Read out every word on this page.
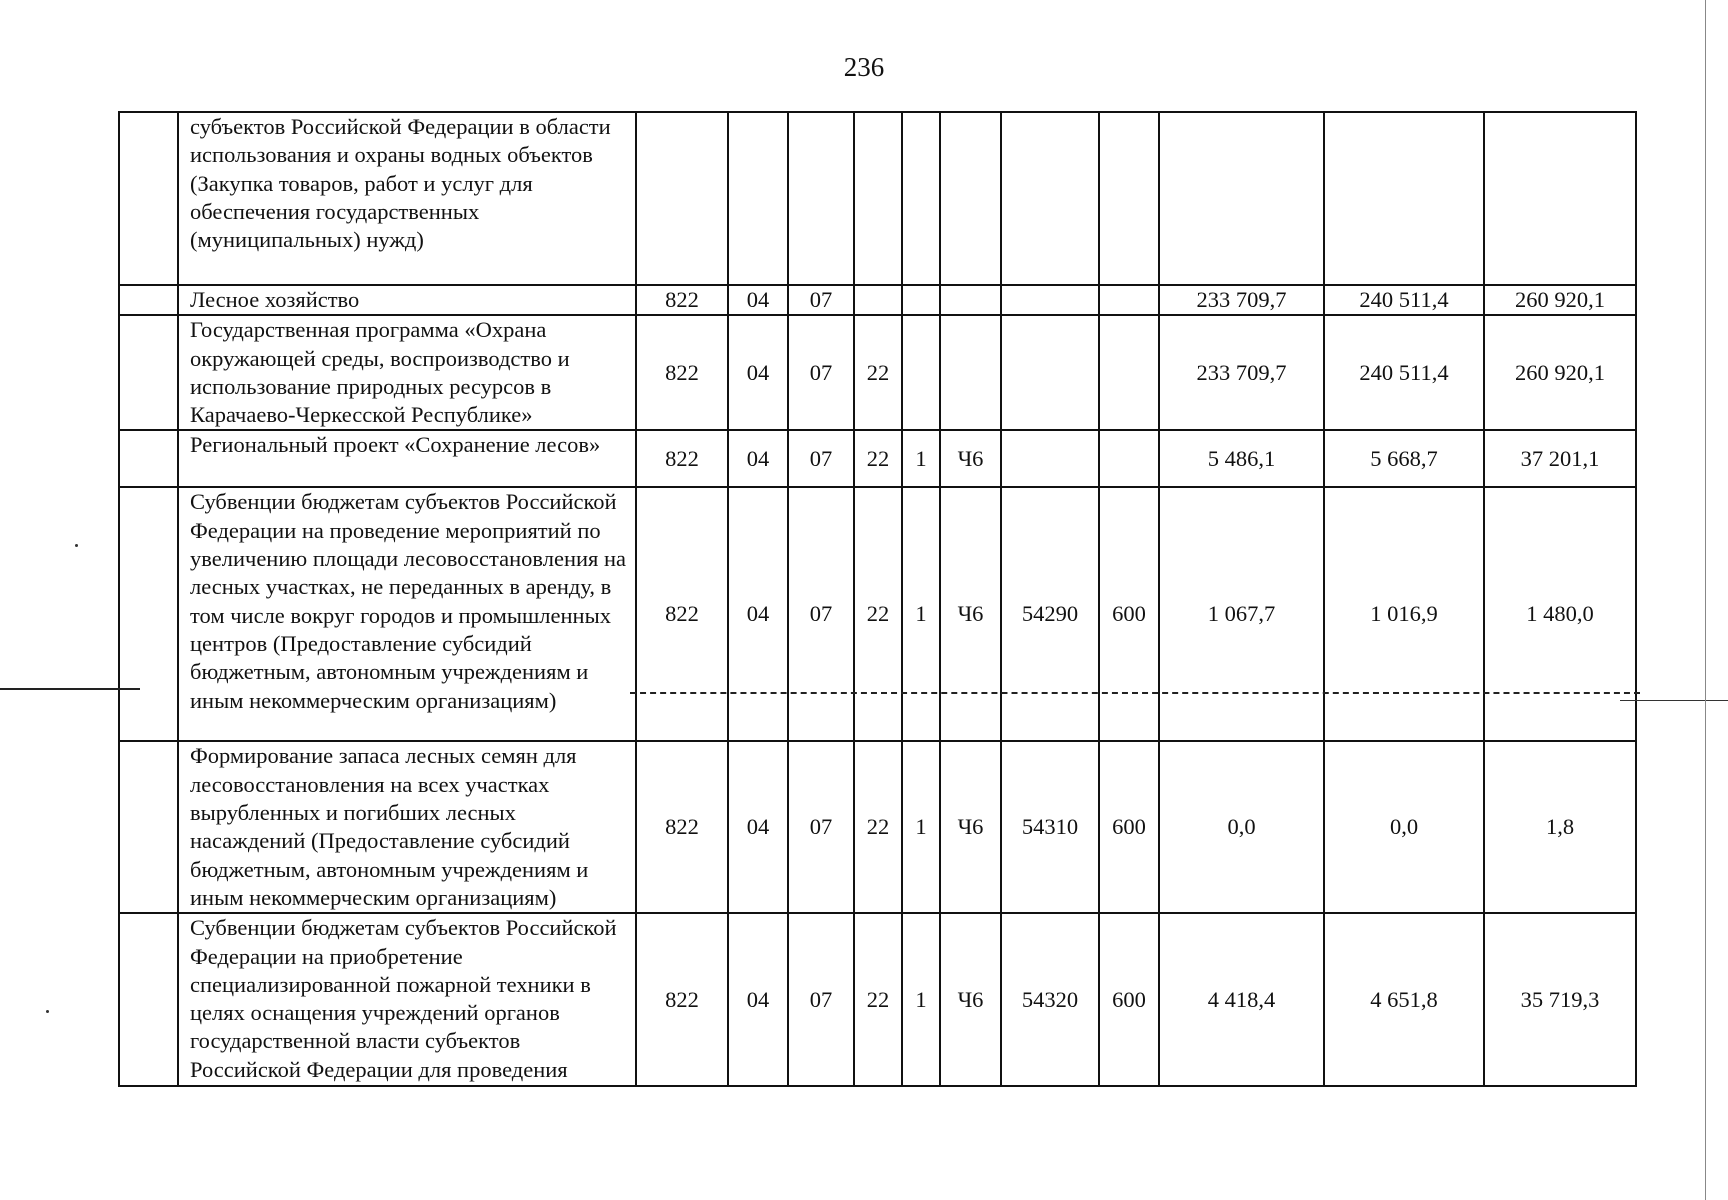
236
	субъектов Российской Федерации в области использования и охраны водных объектов (Закупка товаров, работ и услуг для обеспечения государственных (муниципальных) нужд)											
	Лесное хозяйство	822	04	07						233 709,7	240 511,4	260 920,1
	Государственная программа «Охрана окружающей среды, воспроизводство и использование природных ресурсов в Карачаево-Черкесской Республике»	822	04	07	22					233 709,7	240 511,4	260 920,1
	Региональный проект «Сохранение лесов»	822	04	07	22	1	Ч6			5 486,1	5 668,7	37 201,1
	Субвенции бюджетам субъектов Российской Федерации на проведение мероприятий по увеличению площади лесовосстановления на лесных участках, не переданных в аренду, в том числе вокруг городов и промышленных центров (Предоставление субсидий бюджетным, автономным учреждениям и иным некоммерческим организациям)	822	04	07	22	1	Ч6	54290	600	1 067,7	1 016,9	1 480,0
	Формирование запаса лесных семян для лесовосстановления на всех участках вырубленных и погибших лесных насаждений (Предоставление субсидий бюджетным, автономным учреждениям и иным некоммерческим организациям)	822	04	07	22	1	Ч6	54310	600	0,0	0,0	1,8
	Субвенции бюджетам субъектов Российской Федерации на приобретение специализированной пожарной техники в целях оснащения учреждений органов государственной власти субъектов Российской Федерации для проведения	822	04	07	22	1	Ч6	54320	600	4 418,4	4 651,8	35 719,3
